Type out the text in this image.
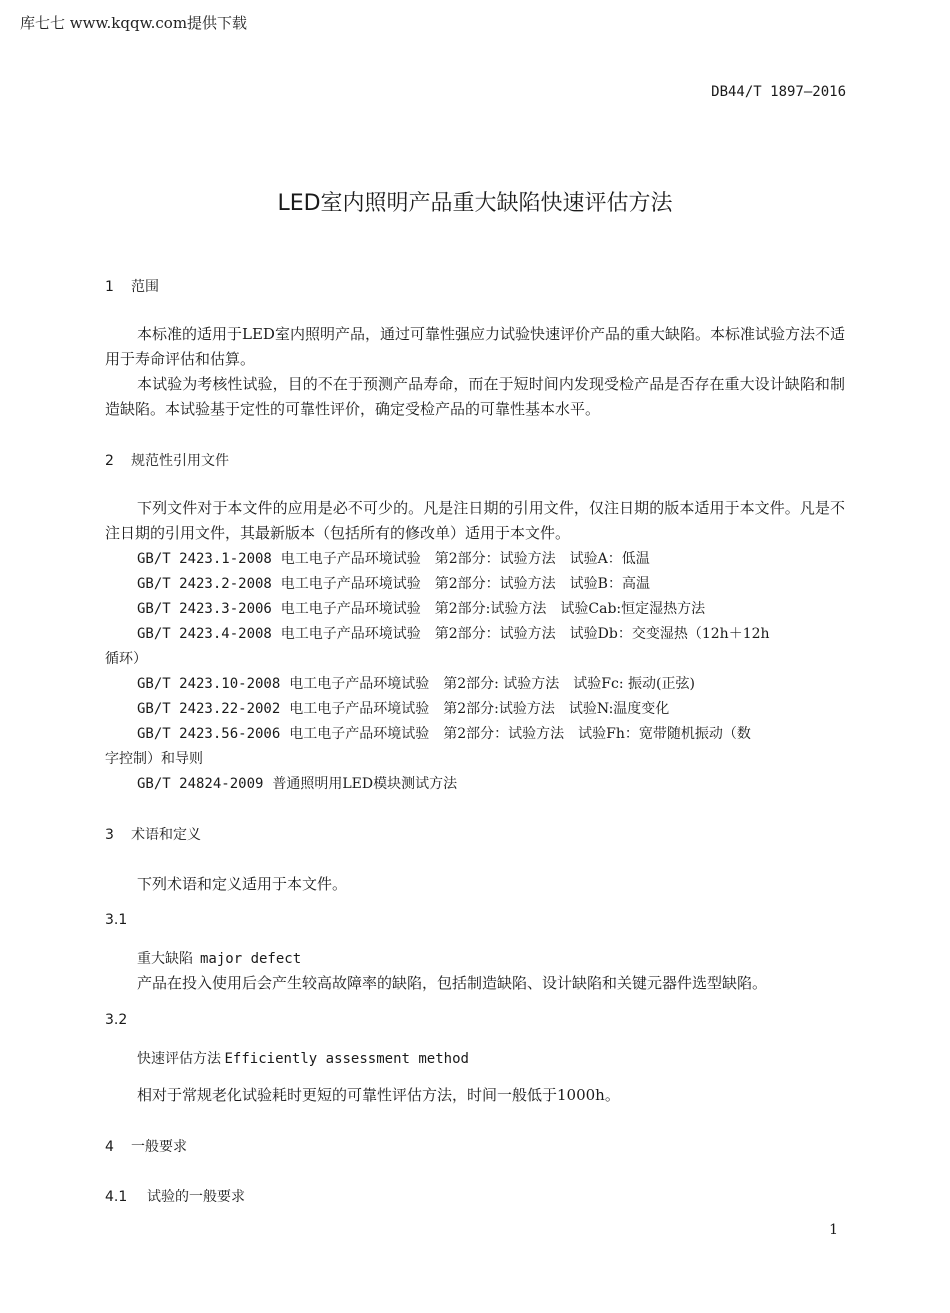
库七七 www.kqqw.com提供下载
DB44/T 1897—2016
LED室内照明产品重大缺陷快速评估方法
1 范围
本标准的适用于LED室内照明产品，通过可靠性强应力试验快速评价产品的重大缺陷。本标准试验方法不适用于寿命评估和估算。
本试验为考核性试验，目的不在于预测产品寿命，而在于短时间内发现受检产品是否存在重大设计缺陷和制造缺陷。本试验基于定性的可靠性评价，确定受检产品的可靠性基本水平。
2 规范性引用文件
下列文件对于本文件的应用是必不可少的。凡是注日期的引用文件，仅注日期的版本适用于本文件。凡是不注日期的引用文件，其最新版本（包括所有的修改单）适用于本文件。
GB/T 2423.1-2008 电工电子产品环境试验　第2部分：试验方法　试验A：低温
GB/T 2423.2-2008 电工电子产品环境试验　第2部分：试验方法　试验B：高温
GB/T 2423.3-2006 电工电子产品环境试验　第2部分:试验方法　试验Cab:恒定湿热方法
GB/T 2423.4-2008 电工电子产品环境试验　第2部分：试验方法　试验Db：交变湿热（12h＋12h
循环）
GB/T 2423.10-2008 电工电子产品环境试验　第2部分: 试验方法　试验Fc: 振动(正弦)
GB/T 2423.22-2002 电工电子产品环境试验　第2部分:试验方法　试验N:温度变化
GB/T 2423.56-2006 电工电子产品环境试验　第2部分：试验方法　试验Fh：宽带随机振动（数
字控制）和导则
GB/T 24824-2009 普通照明用LED模块测试方法
3 术语和定义
下列术语和定义适用于本文件。
3.1
重大缺陷 major defect
产品在投入使用后会产生较高故障率的缺陷，包括制造缺陷、设计缺陷和关键元器件选型缺陷。
3.2
快速评估方法 Efficiently assessment method
相对于常规老化试验耗时更短的可靠性评估方法，时间一般低于1000h。
4 一般要求
4.1 试验的一般要求
1
